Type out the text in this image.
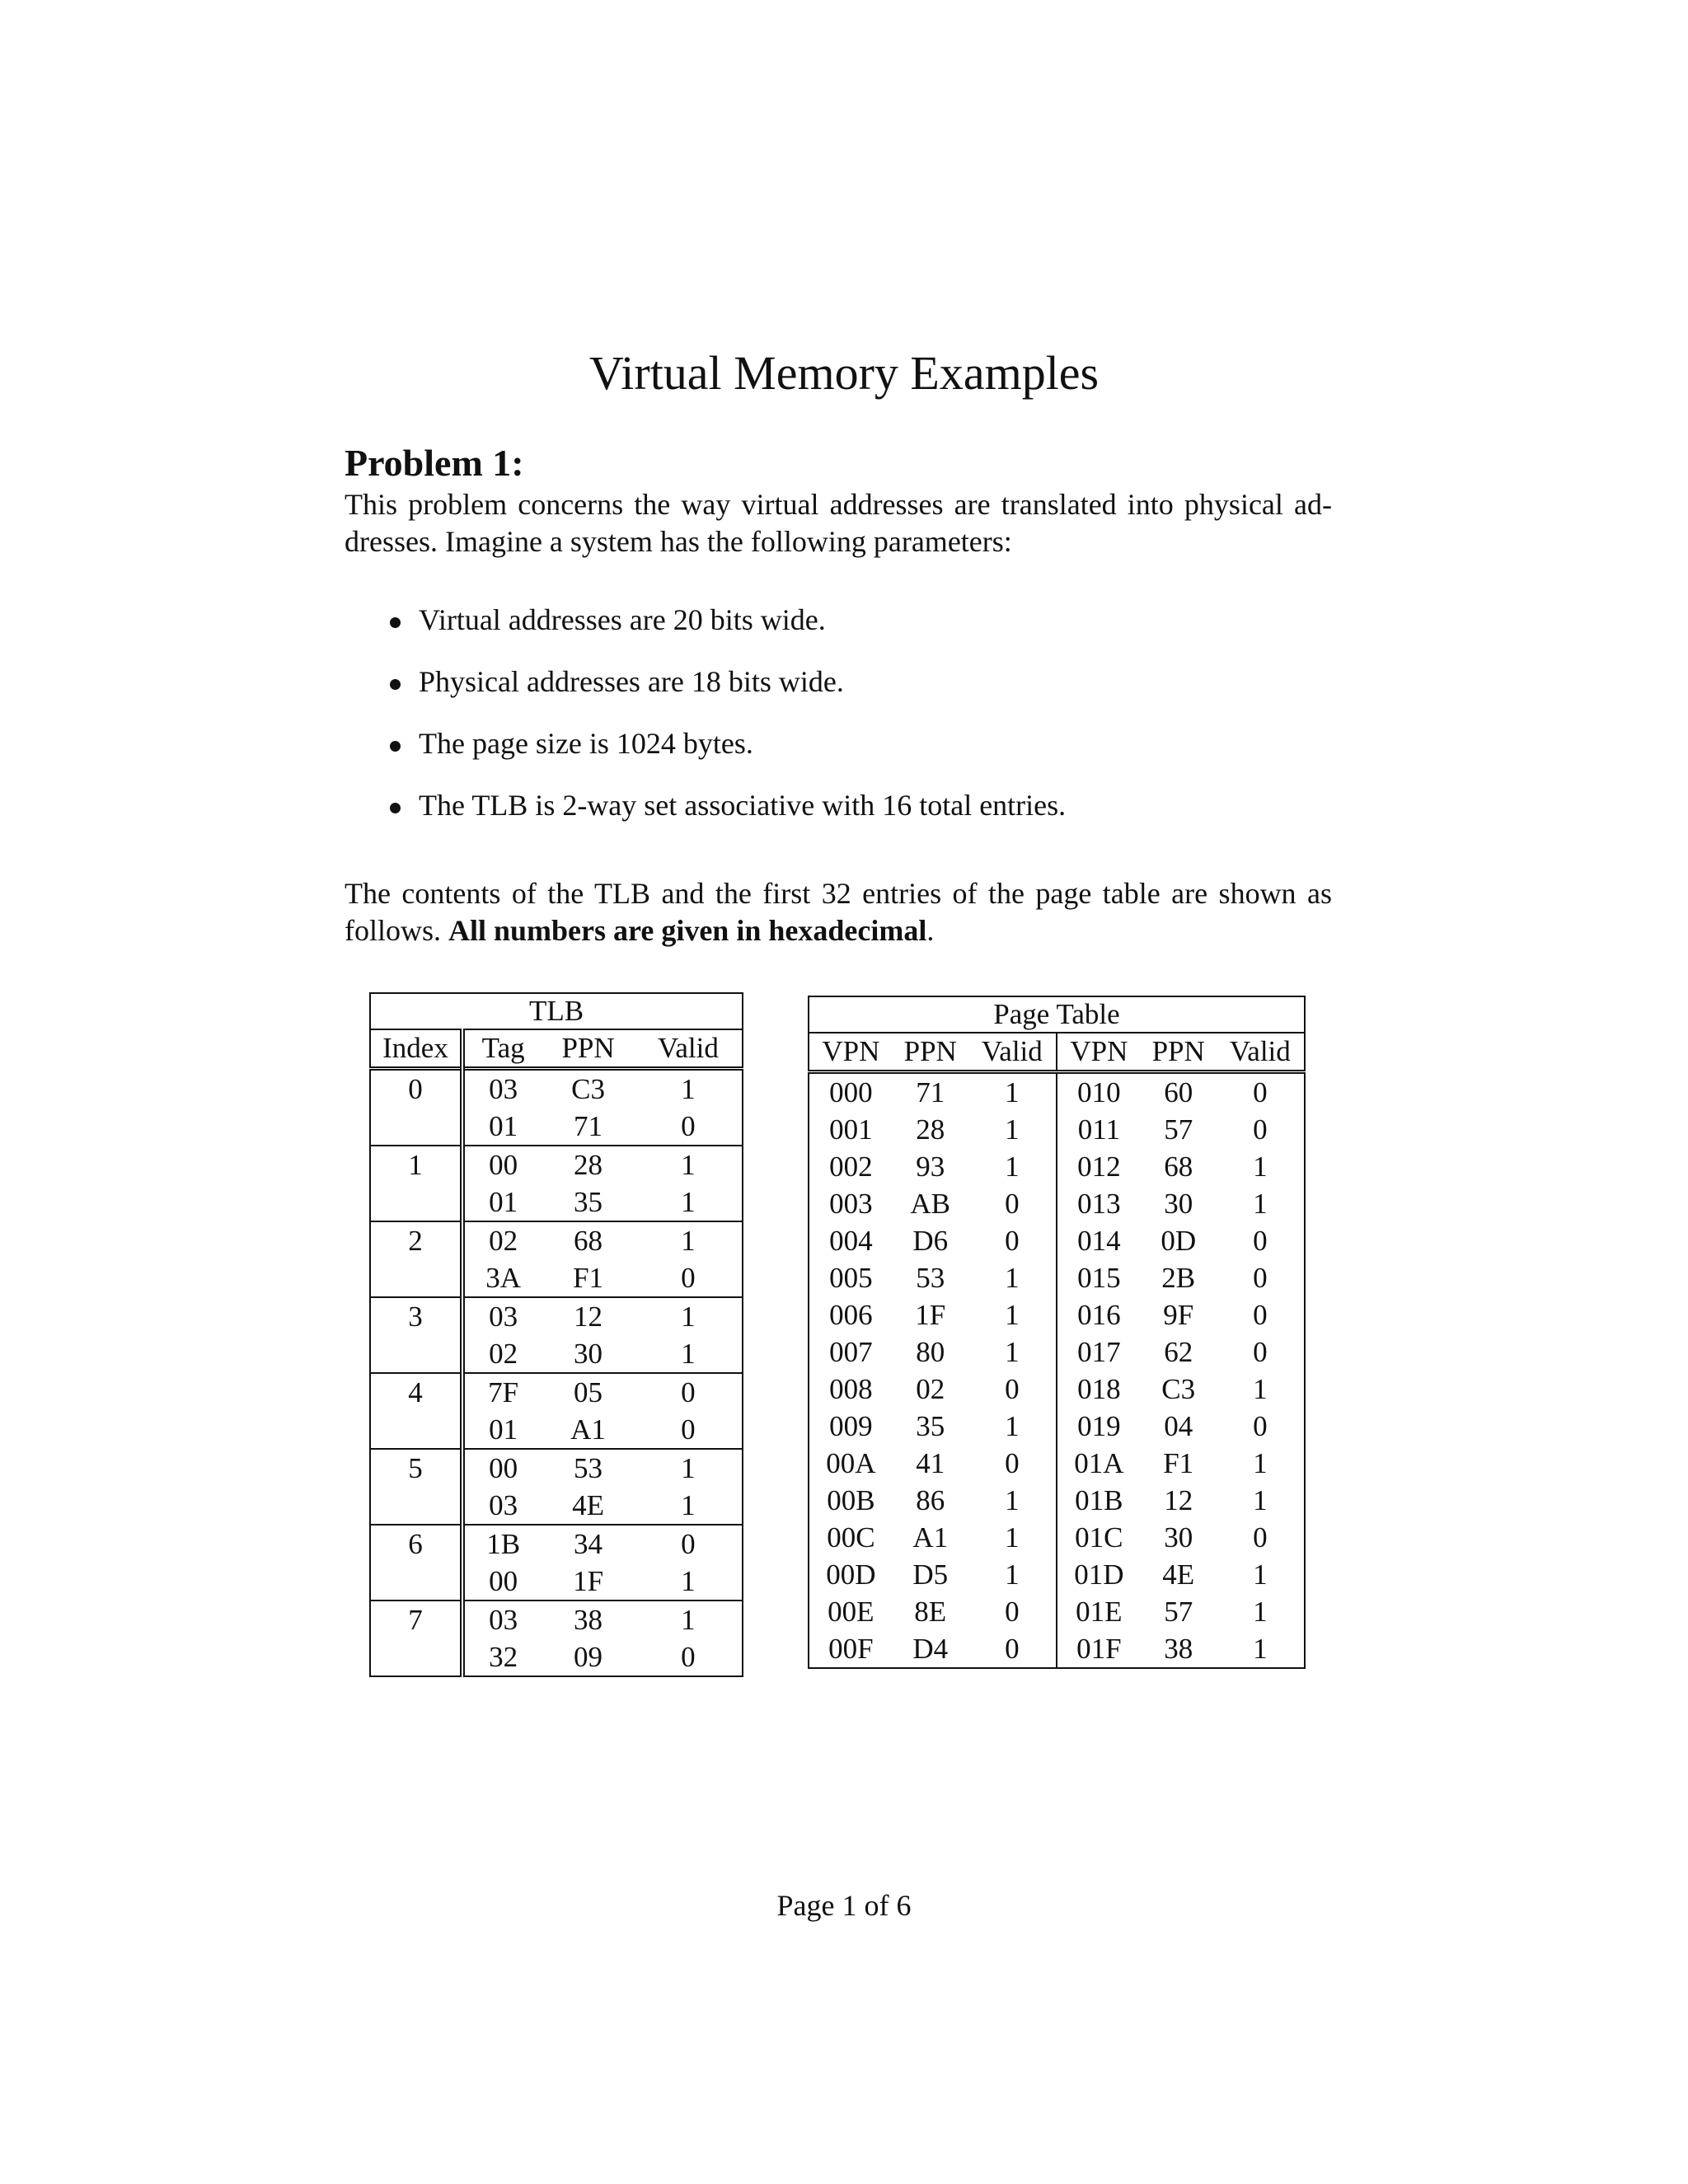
Virtual Memory Examples
Problem 1:
This problem concerns the way virtual addresses are translated into physical ad-
dresses. Imagine a system has the following parameters:
Virtual addresses are 20 bits wide.
Physical addresses are 18 bits wide.
The page size is 1024 bytes.
The TLB is 2-way set associative with 16 total entries.
The contents of the TLB and the first 32 entries of the page table are shown as
follows. All numbers are given in hexadecimal.
TLB			
Index	Tag	PPN	Valid
0	03	C3	1
	01	71	0
1	00	28	1
	01	35	1
2	02	68	1
	3A	F1	0
3	03	12	1
	02	30	1
4	7F	05	0
	01	A1	0
5	00	53	1
	03	4E	1
6	1B	34	0
	00	1F	1
7	03	38	1
	32	09	0
Page Table					
VPN	PPN	Valid	VPN	PPN	Valid
000	71	1	010	60	0
001	28	1	011	57	0
002	93	1	012	68	1
003	AB	0	013	30	1
004	D6	0	014	0D	0
005	53	1	015	2B	0
006	1F	1	016	9F	0
007	80	1	017	62	0
008	02	0	018	C3	1
009	35	1	019	04	0
00A	41	0	01A	F1	1
00B	86	1	01B	12	1
00C	A1	1	01C	30	0
00D	D5	1	01D	4E	1
00E	8E	0	01E	57	1
00F	D4	0	01F	38	1
Page 1 of 6
